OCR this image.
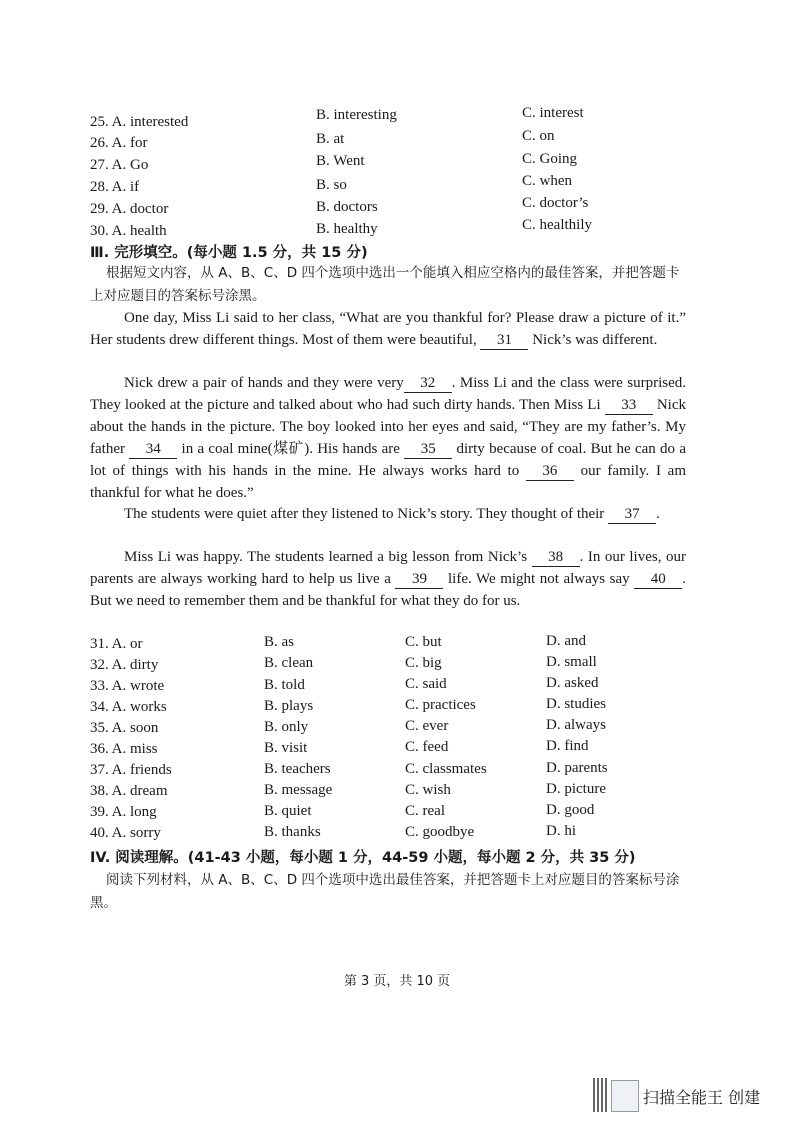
25. A. interested	B. interesting	C. interest
26. A. for	B. at	C. on
27. A. Go	B. Went	C. Going
28. A. if	B. so	C. when
29. A. doctor	B. doctors	C. doctor’s
30. A. health	B. healthy	C. healthily
Ⅲ. 完形填空。(每小题 1.5 分，共 15 分)
根据短文内容，从 A、B、C、D 四个选项中选出一个能填入相应空格内的最佳答案，并把答题卡上对应题目的答案标号涂黑。
One day, Miss Li said to her class, “What are you thankful for? Please draw a picture of it.” Her students drew different things. Most of them were beautiful, 31 Nick’s was different.
Nick drew a pair of hands and they were very 32 . Miss Li and the class were surprised. They looked at the picture and talked about who had such dirty hands. Then Miss Li 33 Nick about the hands in the picture. The boy looked into her eyes and said, “They are my father’s. My father 34 in a coal mine(煤矿). His hands are 35 dirty because of coal. But he can do a lot of things with his hands in the mine. He always works hard to 36 our family. I am thankful for what he does.”
The students were quiet after they listened to Nick’s story. They thought of their 37 .
Miss Li was happy. The students learned a big lesson from Nick’s 38 . In our lives, our parents are always working hard to help us live a 39 life. We might not always say 40 . But we need to remember them and be thankful for what they do for us.
31. A. or	B. as	C. but	D. and
32. A. dirty	B. clean	C. big	D. small
33. A. wrote	B. told	C. said	D. asked
34. A. works	B. plays	C. practices	D. studies
35. A. soon	B. only	C. ever	D. always
36. A. miss	B. visit	C. feed	D. find
37. A. friends	B. teachers	C. classmates	D. parents
38. A. dream	B. message	C. wish	D. picture
39. A. long	B. quiet	C. real	D. good
40. A. sorry	B. thanks	C. goodbye	D. hi
IV. 阅读理解。(41-43 小题，每小题 1 分，44-59 小题，每小题 2 分，共 35 分)
阅读下列材料，从 A、B、C、D 四个选项中选出最佳答案，并把答题卡上对应题目的答案标号涂黑。
第 3 页，共 10 页
扫描全能王 创建
